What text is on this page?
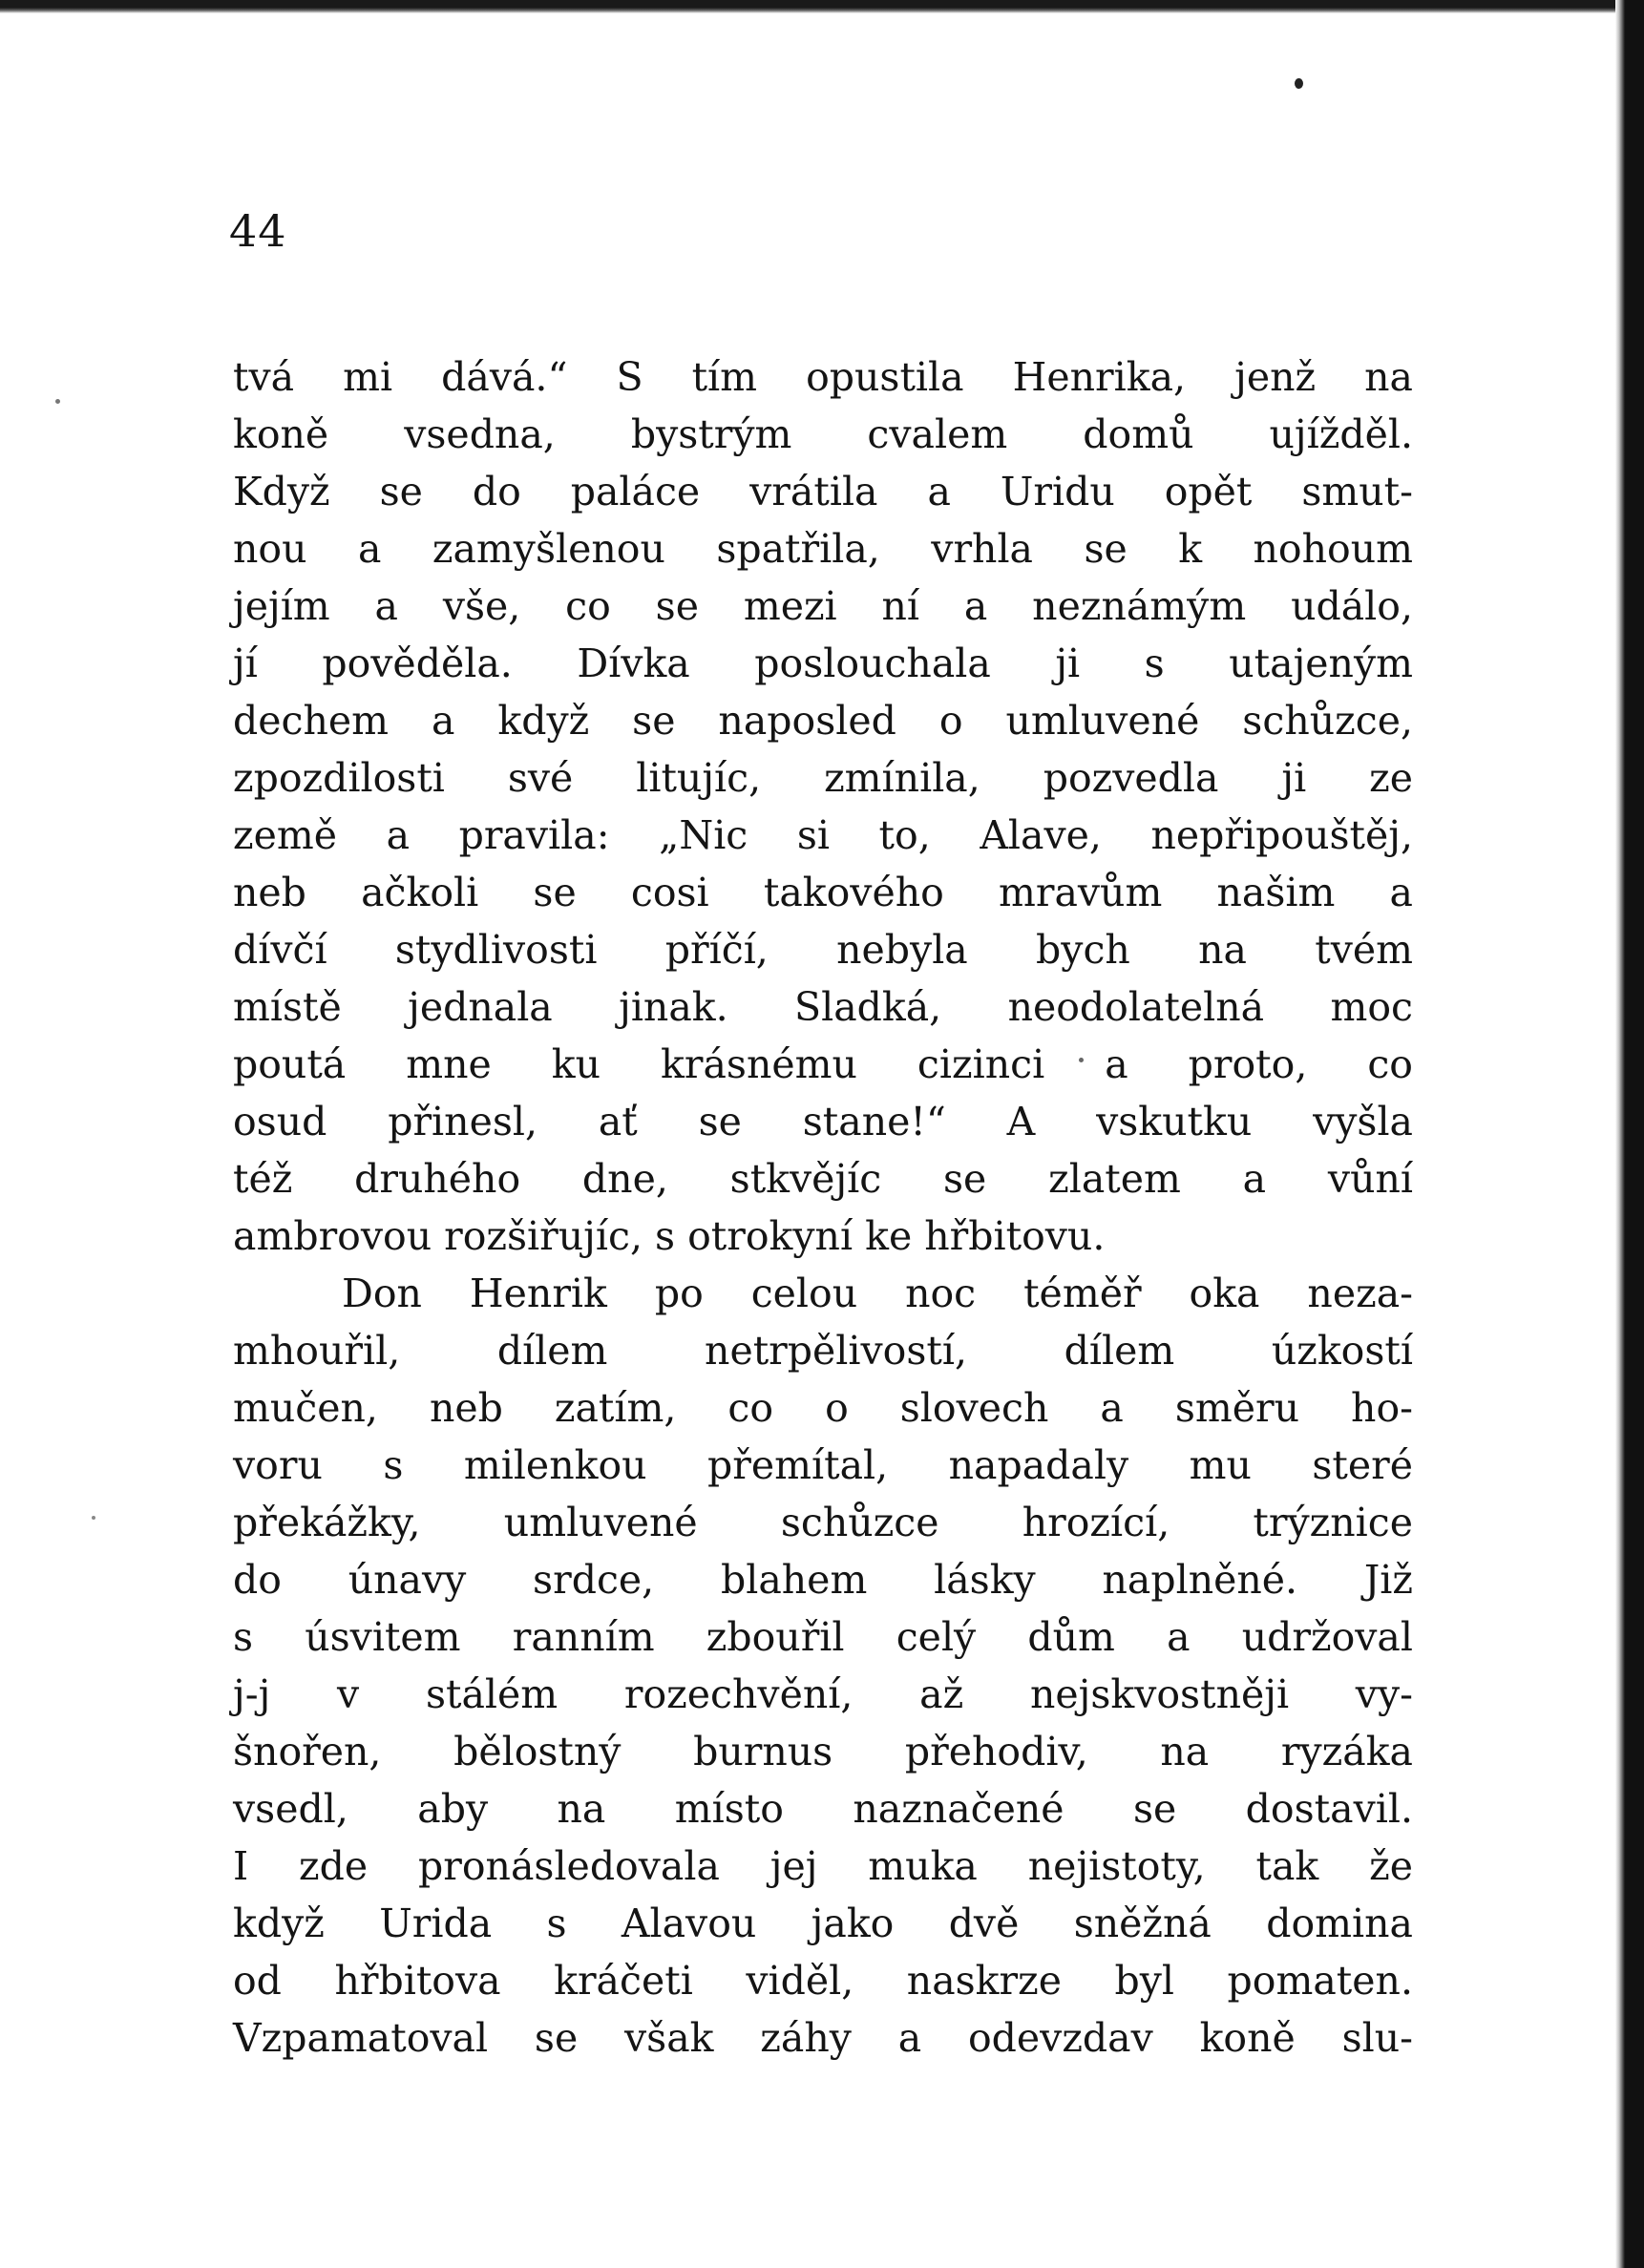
44
tvá mi dává.“ S tím opustila Henrika, jenž na
koně vsedna, bystrým cvalem domů ujížděl.
Když se do paláce vrátila a Uridu opět smut-
nou a zamyšlenou spatřila, vrhla se k nohoum
jejím a vše, co se mezi ní a neznámým událo,
jí pověděla. Dívka poslouchala ji s utajeným
dechem a když se naposled o umluvené schůzce,
zpozdilosti své litujíc, zmínila, pozvedla ji ze
země a pravila: „Nic si to, Alave, nepřipouštěj,
neb ačkoli se cosi takového mravům našim a
dívčí stydlivosti příčí, nebyla bych na tvém
místě jednala jinak. Sladká, neodolatelná moc
poutá mne ku krásnému cizinci a proto, co
osud přinesl, ať se stane!“ A vskutku vyšla
též druhého dne, stkvějíc se zlatem a vůní
ambrovou rozšiřujíc, s otrokyní ke hřbitovu.
Don Henrik po celou noc téměř oka neza-
mhouřil, dílem netrpělivostí, dílem úzkostí
mučen, neb zatím, co o slovech a směru ho-
voru s milenkou přemítal, napadaly mu steré
překážky, umluvené schůzce hrozící, trýznice
do únavy srdce, blahem lásky naplněné. Již
s úsvitem ranním zbouřil celý dům a udržoval
j-j v stálém rozechvění, až nejskvostněji vy-
šnořen, bělostný burnus přehodiv, na ryzáka
vsedl, aby na místo naznačené se dostavil.
I zde pronásledovala jej muka nejistoty, tak že
když Urida s Alavou jako dvě sněžná domina
od hřbitova kráčeti viděl, naskrze byl pomaten.
Vzpamatoval se však záhy a odevzdav koně slu-
